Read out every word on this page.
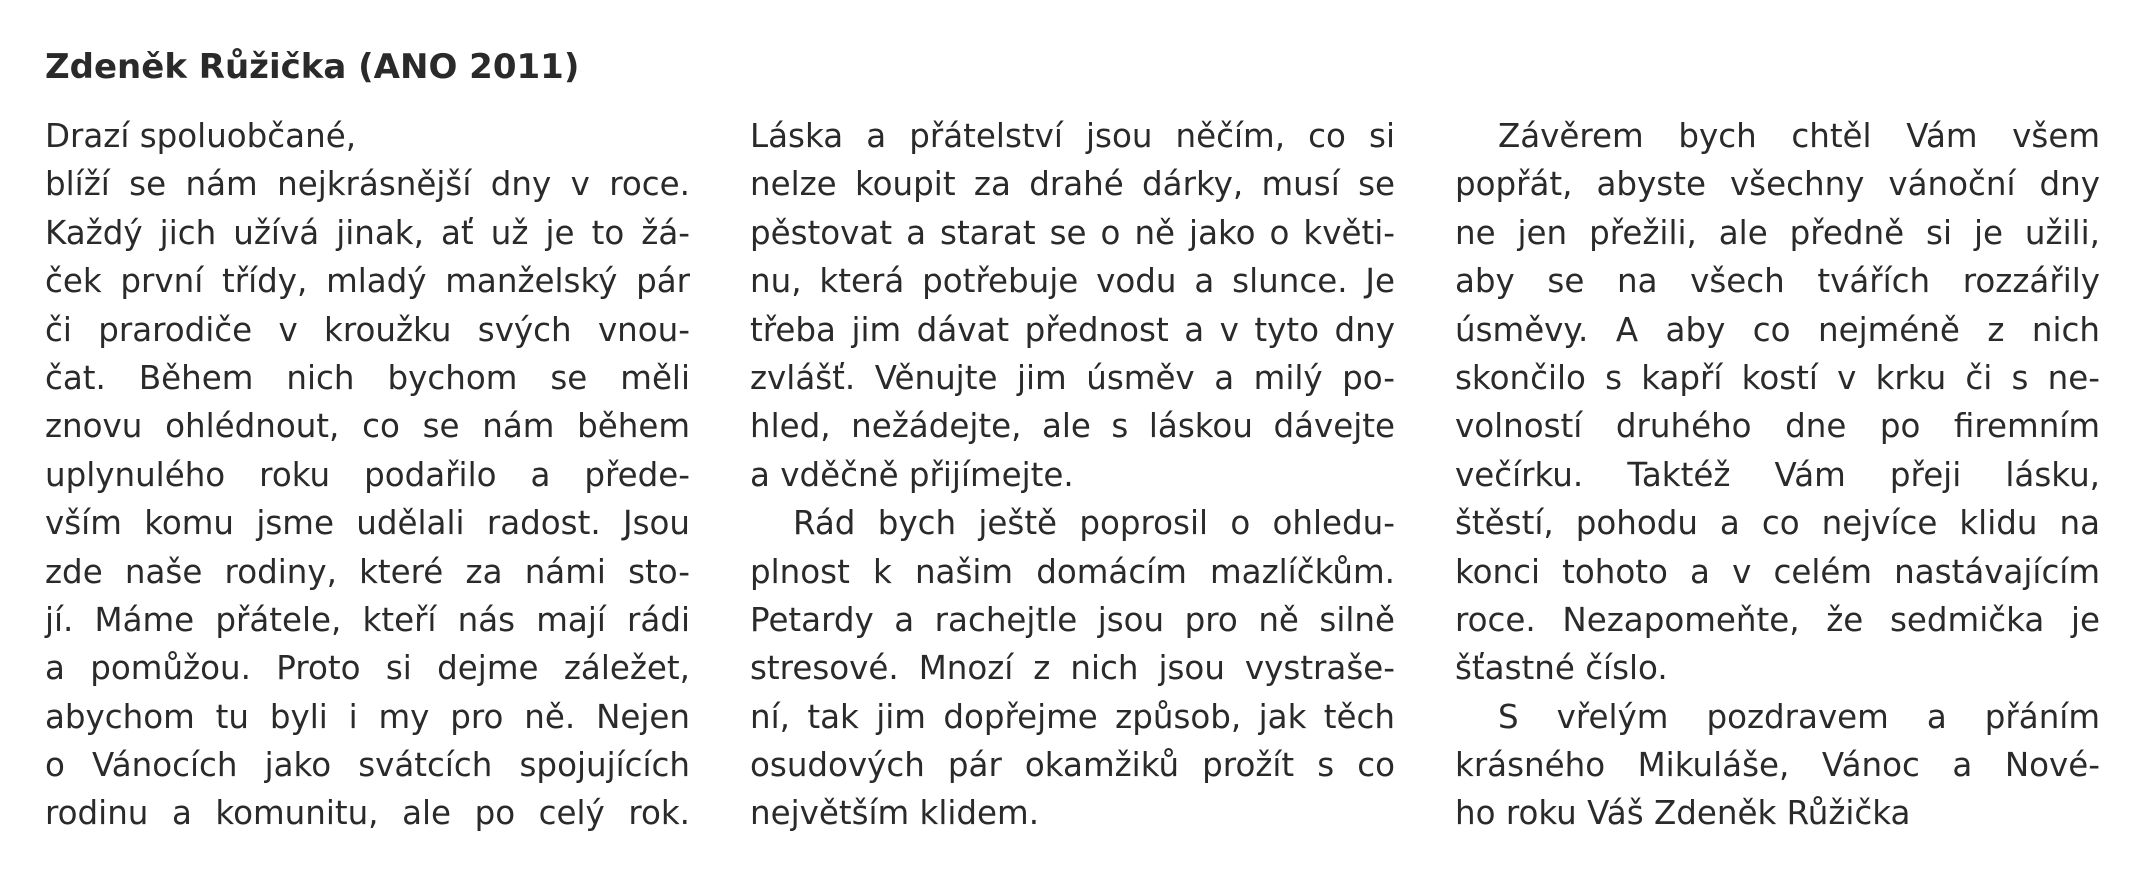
Zdeněk Růžička (ANO 2011)
Drazí spoluobčané,
blíží se nám nejkrásnější dny v roce.
Každý jich užívá jinak, ať už je to žá-
ček první třídy, mladý manželský pár
či prarodiče v kroužku svých vnou-
čat. Během nich bychom se měli
znovu ohlédnout, co se nám během
uplynulého roku podařilo a přede-
vším komu jsme udělali radost. Jsou
zde naše rodiny, které za námi sto-
jí. Máme přátele, kteří nás mají rádi
a pomůžou. Proto si dejme záležet,
abychom tu byli i my pro ně. Nejen
o Vánocích jako svátcích spojujících
rodinu a komunitu, ale po celý rok.
Láska a přátelství jsou něčím, co si
nelze koupit za drahé dárky, musí se
pěstovat a starat se o ně jako o květi-
nu, která potřebuje vodu a slunce. Je
třeba jim dávat přednost a v tyto dny
zvlášť. Věnujte jim úsměv a milý po-
hled, nežádejte, ale s láskou dávejte
a vděčně přijímejte.
Rád bych ještě poprosil o ohledu-
plnost k našim domácím mazlíčkům.
Petardy a rachejtle jsou pro ně silně
stresové. Mnozí z nich jsou vystraše-
ní, tak jim dopřejme způsob, jak těch
osudových pár okamžiků prožít s co
největším klidem.
Závěrem bych chtěl Vám všem
popřát, abyste všechny vánoční dny
ne jen přežili, ale předně si je užili,
aby se na všech tvářích rozzářily
úsměvy. A aby co nejméně z nich
skončilo s kapří kostí v krku či s ne-
volností druhého dne po firemním
večírku. Taktéž Vám přeji lásku,
štěstí, pohodu a co nejvíce klidu na
konci tohoto a v celém nastávajícím
roce. Nezapomeňte, že sedmička je
šťastné číslo.
S vřelým pozdravem a přáním
krásného Mikuláše, Vánoc a Nové-
ho roku Váš Zdeněk Růžička
